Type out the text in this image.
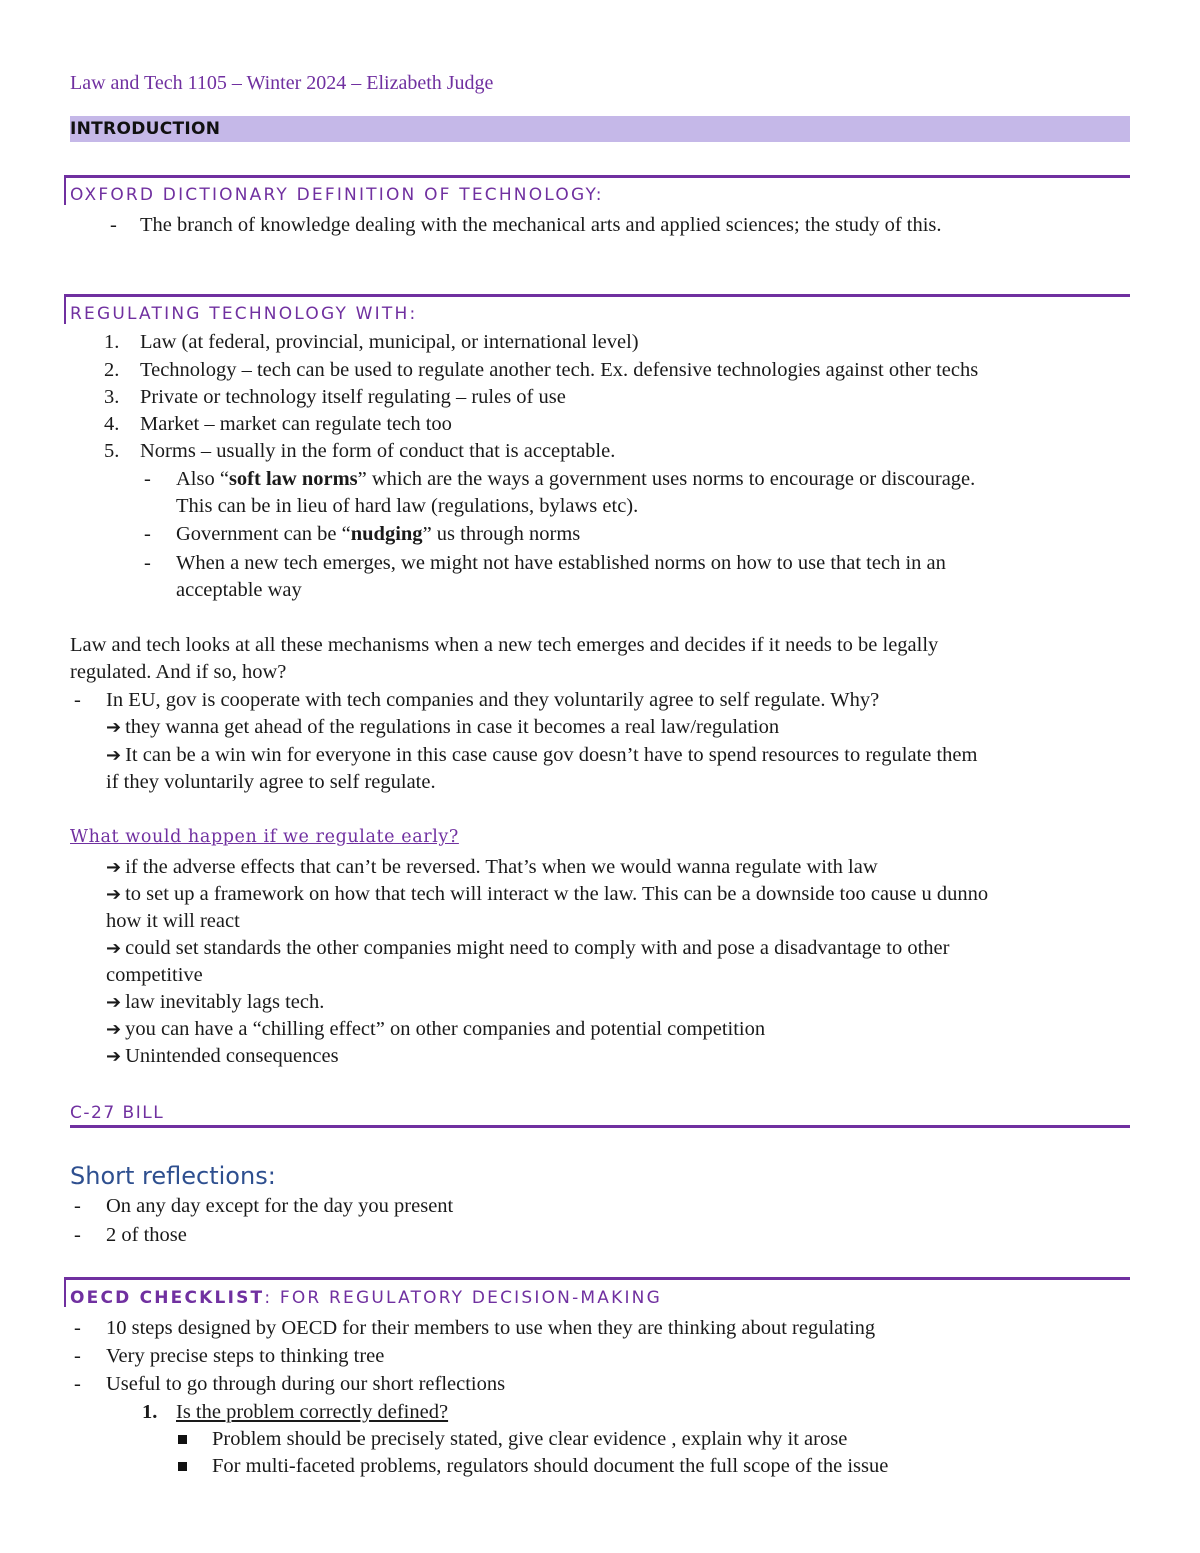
Law and Tech 1105 – Winter 2024 – Elizabeth Judge
INTRODUCTION
OXFORD DICTIONARY DEFINITION OF TECHNOLOGY:
- The branch of knowledge dealing with the mechanical arts and applied sciences; the study of this.
REGULATING TECHNOLOGY WITH:
1. Law (at federal, provincial, municipal, or international level)
2. Technology – tech can be used to regulate another tech. Ex. defensive technologies against other techs
3. Private or technology itself regulating – rules of use
4. Market – market can regulate tech too
5. Norms – usually in the form of conduct that is acceptable.
- Also “soft law norms” which are the ways a government uses norms to encourage or discourage.
This can be in lieu of hard law (regulations, bylaws etc).
- Government can be “nudging” us through norms
- When a new tech emerges, we might not have established norms on how to use that tech in an
acceptable way
Law and tech looks at all these mechanisms when a new tech emerges and decides if it needs to be legally
regulated. And if so, how?
- In EU, gov is cooperate with tech companies and they voluntarily agree to self regulate. Why?
➔ they wanna get ahead of the regulations in case it becomes a real law/regulation
➔ It can be a win win for everyone in this case cause gov doesn’t have to spend resources to regulate them
if they voluntarily agree to self regulate.
What would happen if we regulate early?
➔ if the adverse effects that can’t be reversed. That’s when we would wanna regulate with law
➔ to set up a framework on how that tech will interact w the law. This can be a downside too cause u dunno
how it will react
➔ could set standards the other companies might need to comply with and pose a disadvantage to other
competitive
➔ law inevitably lags tech.
➔ you can have a “chilling effect” on other companies and potential competition
➔ Unintended consequences
C-27 BILL
Short reflections:
- On any day except for the day you present
- 2 of those
OECD CHECKLIST: FOR REGULATORY DECISION-MAKING
- 10 steps designed by OECD for their members to use when they are thinking about regulating
- Very precise steps to thinking tree
- Useful to go through during our short reflections
1. Is the problem correctly defined?
Problem should be precisely stated, give clear evidence , explain why it arose
For multi-faceted problems, regulators should document the full scope of the issue
